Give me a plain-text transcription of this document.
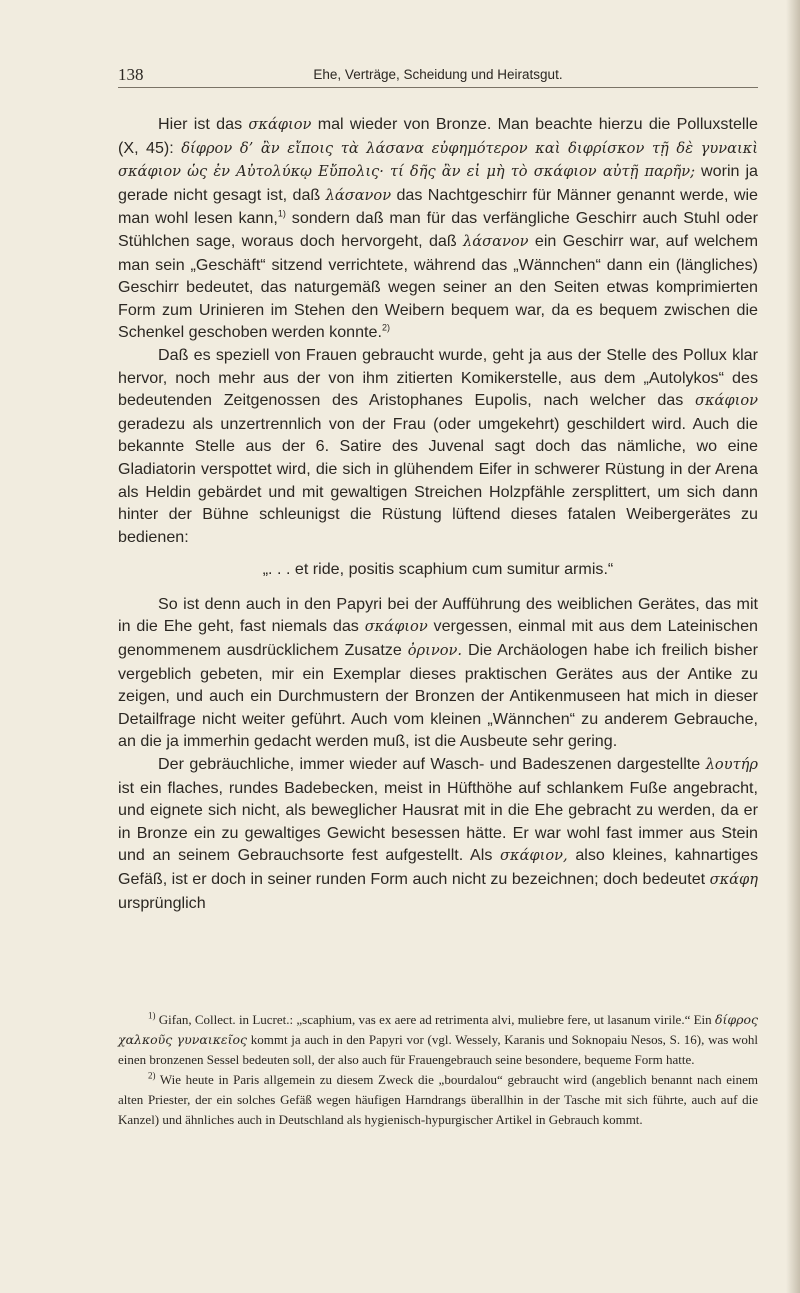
138	Ehe, Verträge, Scheidung und Heiratsgut.

Hier ist das σκάφιον mal wieder von Bronze. Man beachte hierzu die Polluxstelle (X, 45): δίφρον δ’ ἂν εἴποις τὰ λάσανα εὐφημότερον καὶ διφρίσκον τῇ δὲ γυναικὶ σκάφιον ὡς ἐν Αὐτολύκῳ Εὔπολις· τί δῆς ἂν εἰ μὴ τὸ σκάφιον αὐτῇ παρῆν; worin ja gerade nicht gesagt ist, daß λάσανον das Nachtgeschirr für Männer genannt werde, wie man wohl lesen kann,$^{1)}$ sondern daß man für das verfängliche Geschirr auch Stuhl oder Stühlchen sage, woraus doch hervorgeht, daß λάσανον ein Geschirr war, auf welchem man sein „Geschäft“ sitzend verrichtete, während das „Wännchen“ dann ein (längliches) Geschirr bedeutet, das naturgemäß wegen seiner an den Seiten etwas komprimierten Form zum Urinieren im Stehen den Weibern bequem war, da es bequem zwischen die Schenkel geschoben werden konnte.$^{2)}$

Daß es speziell von Frauen gebraucht wurde, geht ja aus der Stelle des Pollux klar hervor, noch mehr aus der von ihm zitierten Komikerstelle, aus dem „Autolykos“ des bedeutenden Zeitgenossen des Aristophanes Eupolis, nach welcher das σκάφιον geradezu als unzertrennlich von der Frau (oder umgekehrt) geschildert wird. Auch die bekannte Stelle aus der 6. Satire des Juvenal sagt doch das nämliche, wo eine Gladiatorin verspottet wird, die sich in glühendem Eifer in schwerer Rüstung in der Arena als Heldin gebärdet und mit gewaltigen Streichen Holzpfähle zersplittert, um sich dann hinter der Bühne schleunigst die Rüstung lüftend dieses fatalen Weibergerätes zu bedienen:

„. . . et ride, positis scaphium cum sumitur armis.“

So ist denn auch in den Papyri bei der Aufführung des weiblichen Gerätes, das mit in die Ehe geht, fast niemals das σκάφιον vergessen, einmal mit aus dem Lateinischen genommenem ausdrücklichem Zusatze ὀρινον. Die Archäologen habe ich freilich bisher vergeblich gebeten, mir ein Exemplar dieses praktischen Gerätes aus der Antike zu zeigen, und auch ein Durchmustern der Bronzen der Antikenmuseen hat mich in dieser Detailfrage nicht weiter geführt. Auch vom kleinen „Wännchen“ zu anderem Gebrauche, an die ja immerhin gedacht werden muß, ist die Ausbeute sehr gering.

Der gebräuchliche, immer wieder auf Wasch- und Badeszenen dargestellte λουτήρ ist ein flaches, rundes Badebecken, meist in Hüfthöhe auf schlankem Fuße angebracht, und eignete sich nicht, als beweglicher Hausrat mit in die Ehe gebracht zu werden, da er in Bronze ein zu gewaltiges Gewicht besessen hätte. Er war wohl fast immer aus Stein und an seinem Gebrauchsorte fest aufgestellt. Als σκάφιον, also kleines, kahnartiges Gefäß, ist er doch in seiner runden Form auch nicht zu bezeichnen; doch bedeutet σκάφη ursprünglich

$^{1)}$ Gifan, Collect. in Lucret.: „scaphium, vas ex aere ad retrimenta alvi, muliebre fere, ut lasanum virile.“ Ein δίφρος χαλκοῦς γυναικεῖος kommt ja auch in den Papyri vor (vgl. Wessely, Karanis und Soknopaiu Nesos, S. 16), was wohl einen bronzenen Sessel bedeuten soll, der also auch für Frauengebrauch seine besondere, bequeme Form hatte.

$^{2)}$ Wie heute in Paris allgemein zu diesem Zweck die „bourdalou“ gebraucht wird (angeblich benannt nach einem alten Priester, der ein solches Gefäß wegen häufigen Harndrangs überallhin in der Tasche mit sich führte, auch auf die Kanzel) und ähnliches auch in Deutschland als hygienisch-hypurgischer Artikel in Gebrauch kommt.
